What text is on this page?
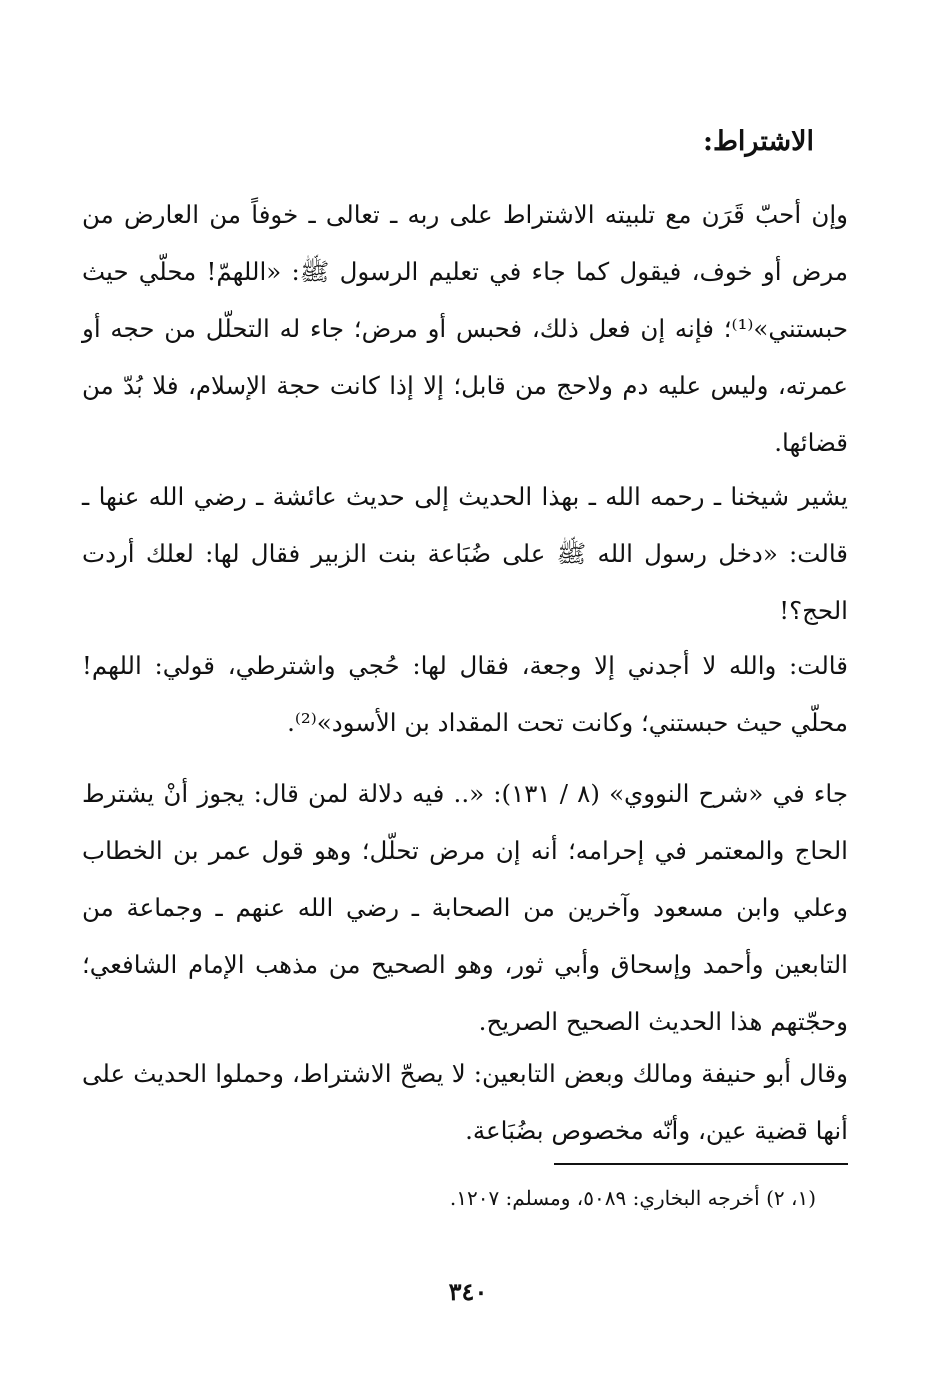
الاشتراط:
وإن أحبّ قَرَن مع تلبيته الاشتراط على ربه ـ تعالى ـ خوفاً من العارض من مرض أو خوف، فيقول كما جاء في تعليم الرسول ﷺ: «اللهمّ! محلّي حيث حبستني»⁽¹⁾؛ فإنه إن فعل ذلك، فحبس أو مرض؛ جاء له التحلّل من حجه أو عمرته، وليس عليه دم ولاحج من قابل؛ إلا إذا كانت حجة الإسلام، فلا بُدّ من قضائها.
يشير شيخنا ـ رحمه الله ـ بهذا الحديث إلى حديث عائشة ـ رضي الله عنها ـ قالت: «دخل رسول الله ﷺ على ضُبَاعة بنت الزبير فقال لها: لعلك أردت الحج؟!
قالت: والله لا أجدني إلا وجعة، فقال لها: حُجي واشترطي، قولي: اللهم! محلّي حيث حبستني؛ وكانت تحت المقداد بن الأسود»⁽²⁾.
جاء في «شرح النووي» (٨ / ١٣١): «.. فيه دلالة لمن قال: يجوز أنْ يشترط الحاج والمعتمر في إحرامه؛ أنه إن مرض تحلّل؛ وهو قول عمر بن الخطاب وعلي وابن مسعود وآخرين من الصحابة ـ رضي الله عنهم ـ وجماعة من التابعين وأحمد وإسحاق وأبي ثور، وهو الصحيح من مذهب الإمام الشافعي؛ وحجّتهم هذا الحديث الصحيح الصريح.
وقال أبو حنيفة ومالك وبعض التابعين: لا يصحّ الاشتراط، وحملوا الحديث على أنها قضية عين، وأنّه مخصوص بضُبَاعة.
(١، ٢) أخرجه البخاري: ٥٠٨٩، ومسلم: ١٢٠٧.
٣٤٠
